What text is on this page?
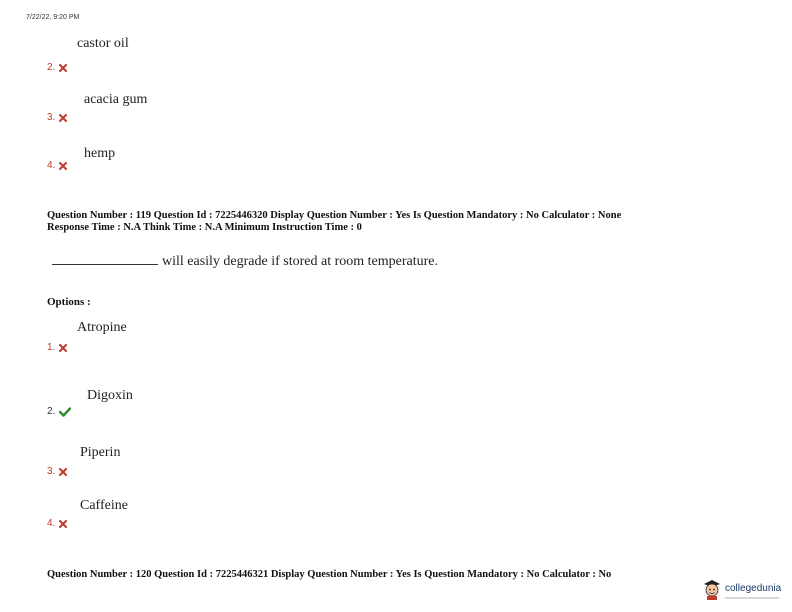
7/22/22, 9:20 PM
castor oil
2.
acacia gum
3.
hemp
4.
Question Number : 119 Question Id : 7225446320 Display Question Number : Yes Is Question Mandatory : No Calculator : None
Response Time : N.A Think Time : N.A Minimum Instruction Time : 0
will easily degrade if stored at room temperature.
Options :
Atropine
1.
Digoxin
2.
Piperin
3.
Caffeine
4.
Question Number : 120 Question Id : 7225446321 Display Question Number : Yes Is Question Mandatory : No Calculator : No
collegedunia
